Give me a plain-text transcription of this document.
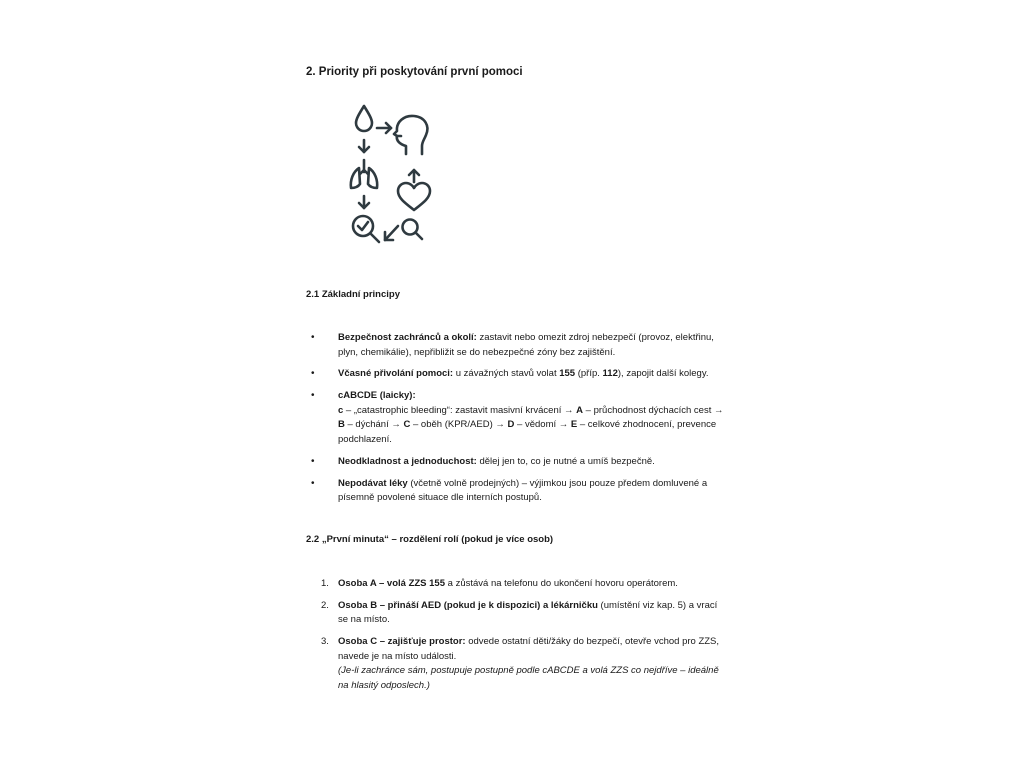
2. Priority při poskytování první pomoci
2.1 Základní principy
• Bezpečnost zachránců a okolí: zastavit nebo omezit zdroj nebezpečí (provoz, elektřinu, plyn, chemikálie), nepřibližit se do nebezpečné zóny bez zajištění.
• Včasné přivolání pomoci: u závažných stavů volat 155 (příp. 112), zapojit další kolegy.
• cABCDE (laicky):
c – „catastrophic bleeding“: zastavit masivní krvácení → A – průchodnost dýchacích cest → B – dýchání → C – oběh (KPR/AED) → D – vědomí → E – celkové zhodnocení, prevence podchlazení.
• Neodkladnost a jednoduchost: dělej jen to, co je nutné a umíš bezpečně.
• Nepodávat léky (včetně volně prodejných) – výjimkou jsou pouze předem domluvené a písemně povolené situace dle interních postupů.
2.2 „První minuta“ – rozdělení rolí (pokud je více osob)
1. Osoba A – volá ZZS 155 a zůstává na telefonu do ukončení hovoru operátorem.
2. Osoba B – přináší AED (pokud je k dispozici) a lékárničku (umístění viz kap. 5) a vrací se na místo.
3. Osoba C – zajišťuje prostor: odvede ostatní děti/žáky do bezpečí, otevře vchod pro ZZS, navede je na místo události.
(Je-li zachránce sám, postupuje postupně podle cABCDE a volá ZZS co nejdříve – ideálně na hlasitý odposlech.)
